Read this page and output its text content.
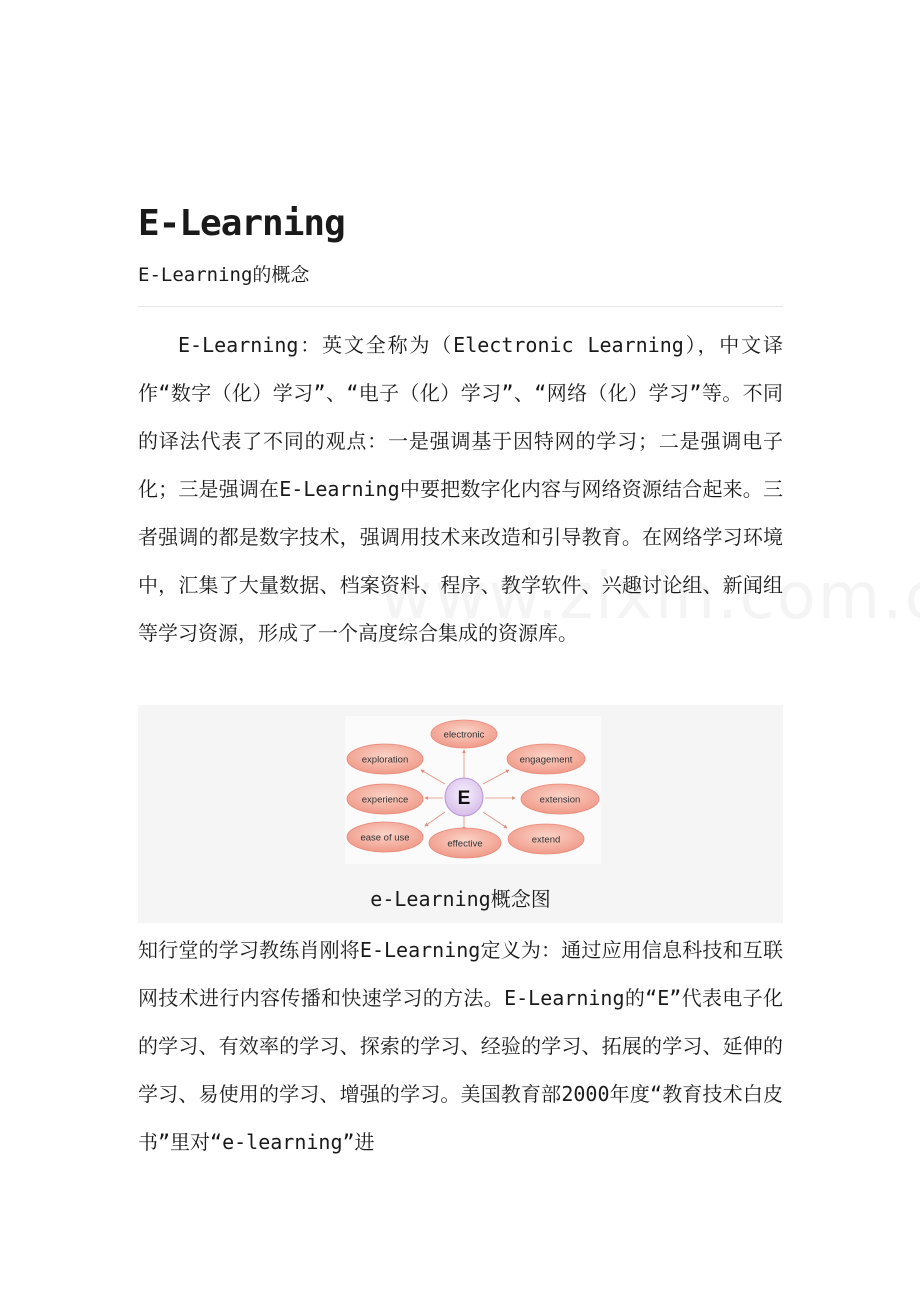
E-Learning

E-Learning的概念

E-Learning：英文全称为（Electronic Learning），中文译作“数字（化）学习”、“电子（化）学习”、“网络（化）学习”等。不同的译法代表了不同的观点：一是强调基于因特网的学习；二是强调电子化；三是强调在E-Learning中要把数字化内容与网络资源结合起来。三者强调的都是数字技术，强调用技术来改造和引导教育。在网络学习环境中，汇集了大量数据、档案资料、程序、教学软件、兴趣讨论组、新闻组等学习资源，形成了一个高度综合集成的资源库。

electronic
exploration	engagement
experience	extension
ease of use
effective	extend
E

e-Learning概念图

知行堂的学习教练肖刚将E-Learning定义为：通过应用信息科技和互联网技术进行内容传播和快速学习的方法。E-Learning的“E”代表电子化的学习、有效率的学习、探索的学习、经验的学习、拓展的学习、延伸的学习、易使用的学习、增强的学习。美国教育部2000年度“教育技术白皮书”里对“e-learning”进
